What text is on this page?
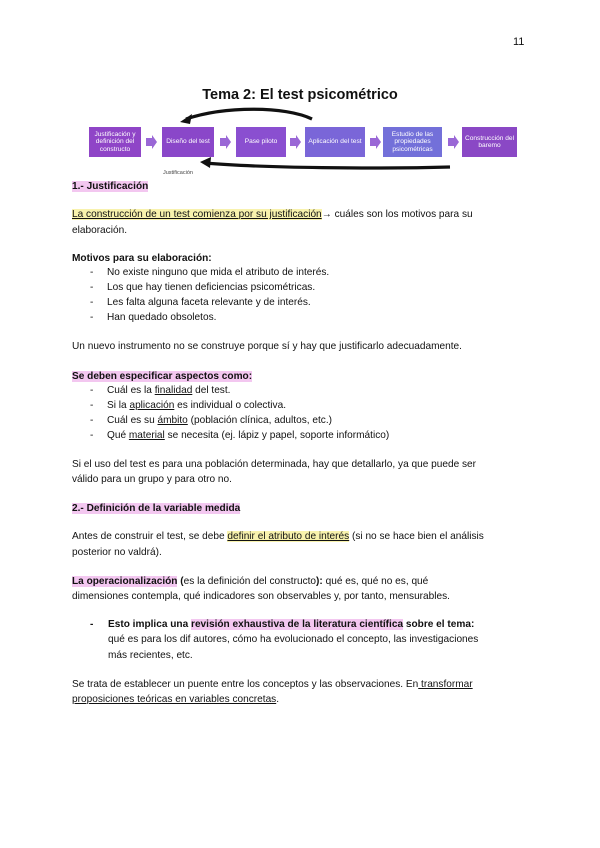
11
Tema 2: El test psicométrico
Justificación y definición del constructo
Diseño del test	Pase piloto	Aplicación del test
Estudio de las propiedades psicométricas
Construcción del baremo
Justificación
1.- Justificación
La construcción de un test comienza por su justificación→ cuáles son los motivos para su
elaboración.
Motivos para su elaboración:
- No existe ninguno que mida el atributo de interés.
- Los que hay tienen deficiencias psicométricas.
- Les falta alguna faceta relevante y de interés.
- Han quedado obsoletos.
Un nuevo instrumento no se construye porque sí y hay que justificarlo adecuadamente.
Se deben especificar aspectos como:
- Cuál es la finalidad del test.
- Si la aplicación es individual o colectiva.
- Cuál es su ámbito (población clínica, adultos, etc.)
- Qué material se necesita (ej. lápiz y papel, soporte informático)
Si el uso del test es para una población determinada, hay que detallarlo, ya que puede ser
válido para un grupo y para otro no.
2.- Definición de la variable medida
Antes de construir el test, se debe definir el atributo de interés (si no se hace bien el análisis
posterior no valdrá).
La operacionalización (es la definición del constructo): qué es, qué no es, qué
dimensiones contempla, qué indicadores son observables y, por tanto, mensurables.
- Esto implica una revisión exhaustiva de la literatura científica sobre el tema:
qué es para los dif autores, cómo ha evolucionado el concepto, las investigaciones
más recientes, etc.
Se trata de establecer un puente entre los conceptos y las observaciones. En transformar
proposiciones teóricas en variables concretas.
